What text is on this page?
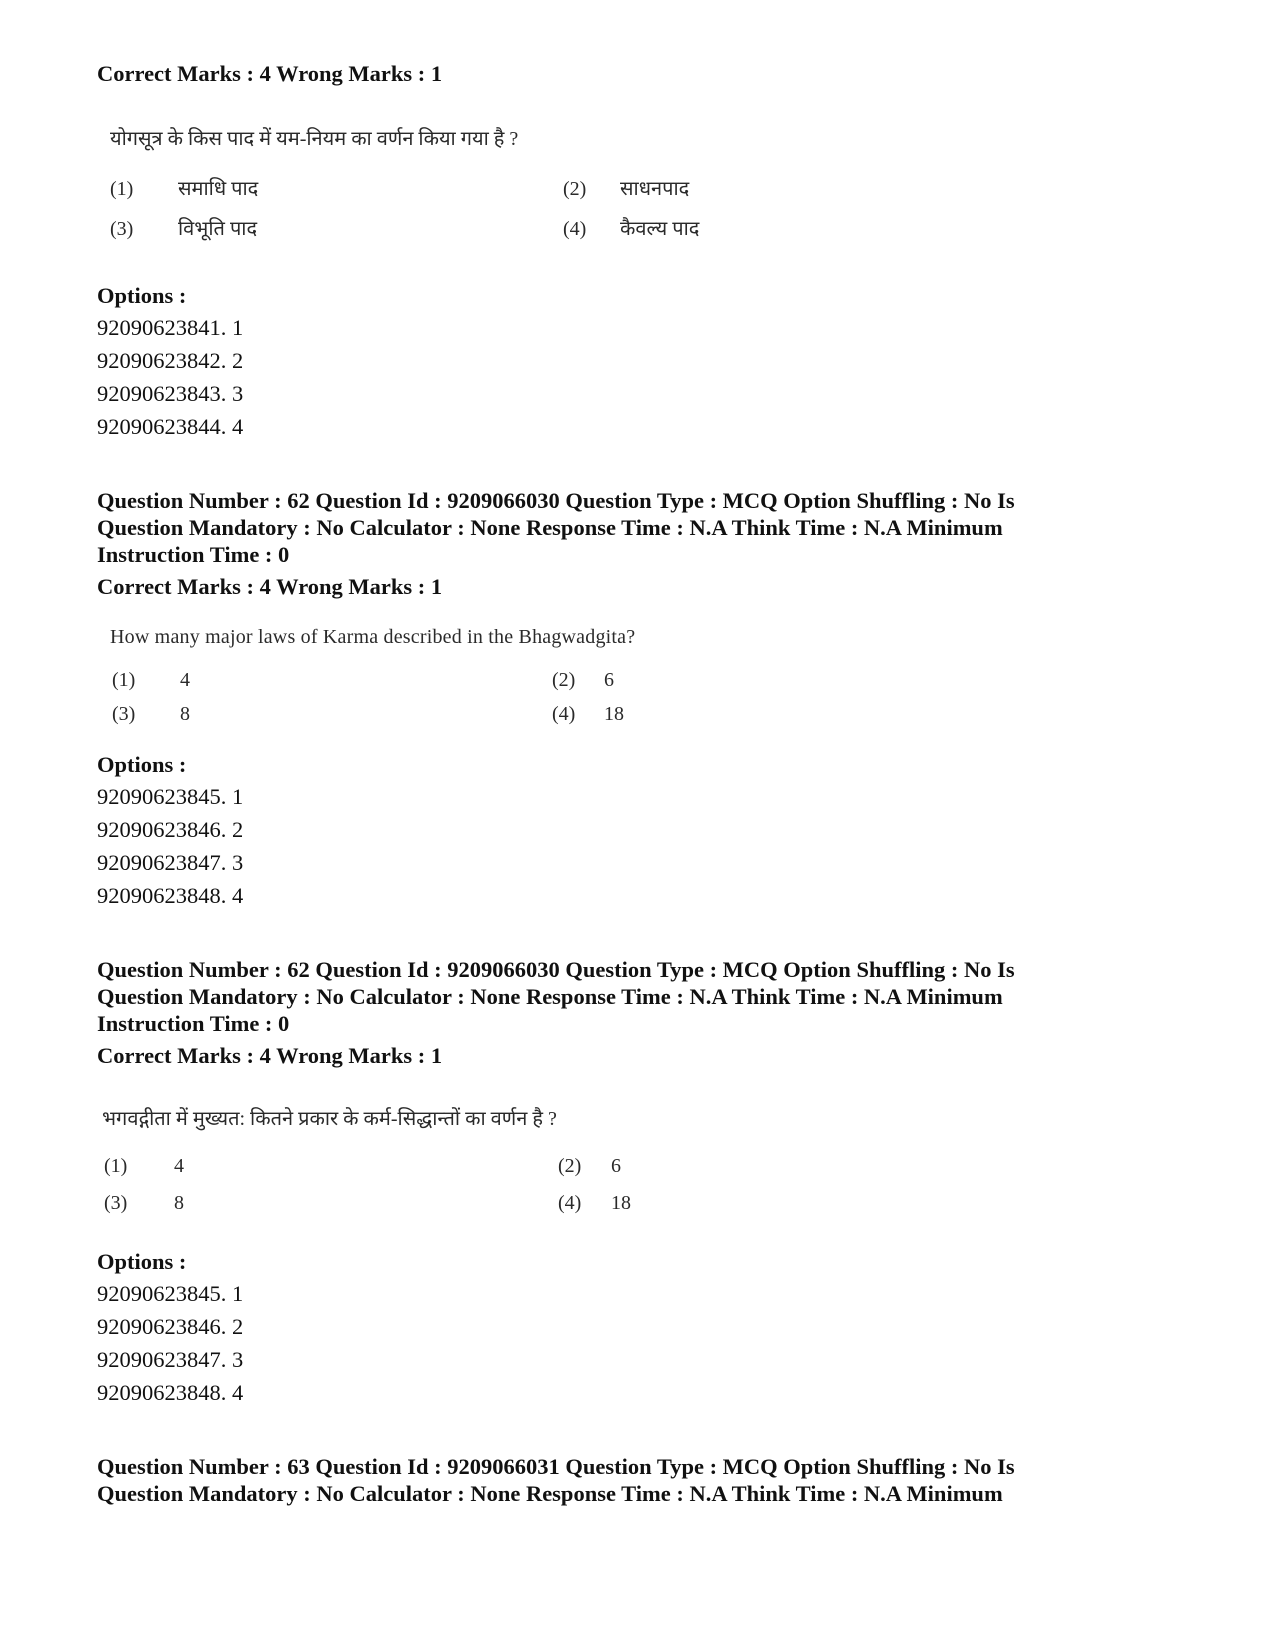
Correct Marks : 4 Wrong Marks : 1
योगसूत्र के किस पाद में यम-नियम का वर्णन किया गया है ?
(1) समाधि पाद	(2) साधनपाद
(3) विभूति पाद	(4) कैवल्य पाद
Options :
92090623841. 1
92090623842. 2
92090623843. 3
92090623844. 4
Question Number : 62 Question Id : 9209066030 Question Type : MCQ Option Shuffling : No Is
Question Mandatory : No Calculator : None Response Time : N.A Think Time : N.A Minimum
Instruction Time : 0
Correct Marks : 4 Wrong Marks : 1
How many major laws of Karma described in the Bhagwadgita?
(1) 4	(2) 6
(3) 8	(4) 18
Options :
92090623845. 1
92090623846. 2
92090623847. 3
92090623848. 4
Question Number : 62 Question Id : 9209066030 Question Type : MCQ Option Shuffling : No Is
Question Mandatory : No Calculator : None Response Time : N.A Think Time : N.A Minimum
Instruction Time : 0
Correct Marks : 4 Wrong Marks : 1
भगवद्गीता में मुख्यत: कितने प्रकार के कर्म-सिद्धान्तों का वर्णन है ?
(1) 4	(2) 6
(3) 8	(4) 18
Options :
92090623845. 1
92090623846. 2
92090623847. 3
92090623848. 4
Question Number : 63 Question Id : 9209066031 Question Type : MCQ Option Shuffling : No Is
Question Mandatory : No Calculator : None Response Time : N.A Think Time : N.A Minimum
